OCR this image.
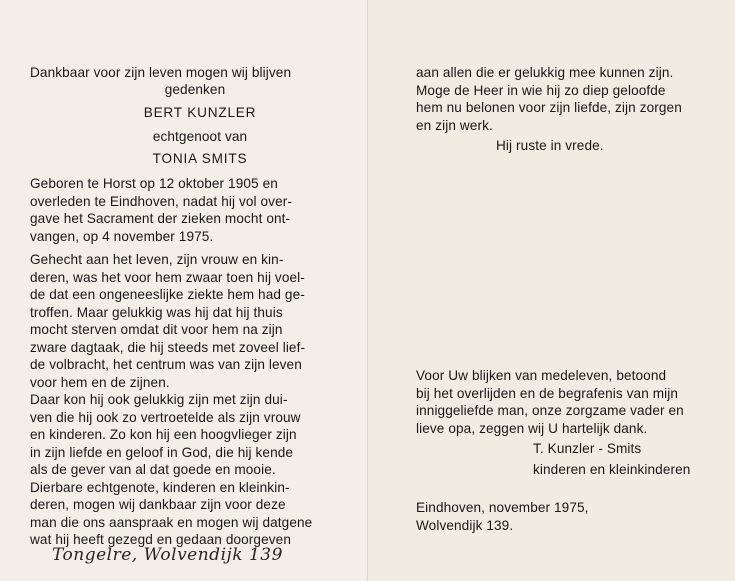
Dankbaar voor zijn leven mogen wij blijven
gedenken
BERT KUNZLER
echtgenoot van
TONIA SMITS
Geboren te Horst op 12 oktober 1905 en
overleden te Eindhoven, nadat hij vol over-
gave het Sacrament der zieken mocht ont-
vangen, op 4 november 1975.
Gehecht aan het leven, zijn vrouw en kin-
deren, was het voor hem zwaar toen hij voel-
de dat een ongeneeslijke ziekte hem had ge-
troffen. Maar gelukkig was hij dat hij thuis
mocht sterven omdat dit voor hem na zijn
zware dagtaak, die hij steeds met zoveel lief-
de volbracht, het centrum was van zijn leven
voor hem en de zijnen.
Daar kon hij ook gelukkig zijn met zijn dui-
ven die hij ook zo vertroetelde als zijn vrouw
en kinderen. Zo kon hij een hoogvlieger zijn
in zijn liefde en geloof in God, die hij kende
als de gever van al dat goede en mooie.
Dierbare echtgenote, kinderen en kleinkin-
deren, mogen wij dankbaar zijn voor deze
man die ons aanspraak en mogen wij datgene
wat hij heeft gezegd en gedaan doorgeven
Tongelre, Wolvendijk 139
aan allen die er gelukkig mee kunnen zijn.
Moge de Heer in wie hij zo diep geloofde
hem nu belonen voor zijn liefde, zijn zorgen
en zijn werk.
Hij ruste in vrede.
Voor Uw blijken van medeleven, betoond
bij het overlijden en de begrafenis van mijn
inniggeliefde man, onze zorgzame vader en
lieve opa, zeggen wij U hartelijk dank.
T. Kunzler - Smits
kinderen en kleinkinderen
Eindhoven, november 1975,
Wolvendijk 139.
